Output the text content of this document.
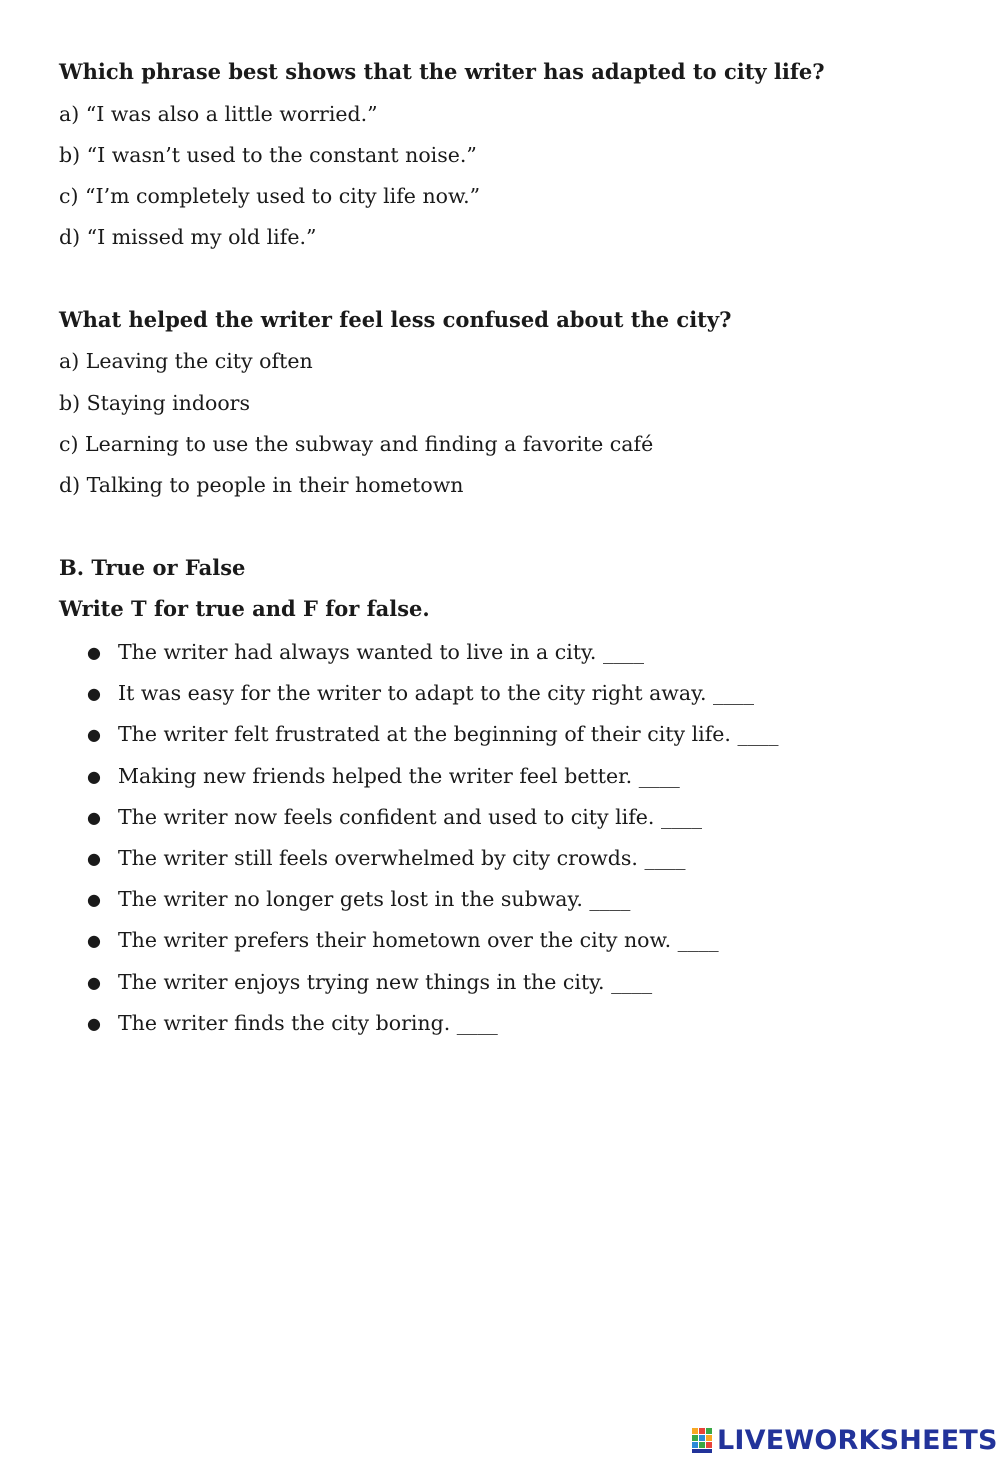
Which phrase best shows that the writer has adapted to city life?
a) “I was also a little worried.”
b) “I wasn’t used to the constant noise.”
c) “I’m completely used to city life now.”
d) “I missed my old life.”
What helped the writer feel less confused about the city?
a) Leaving the city often
b) Staying indoors
c) Learning to use the subway and finding a favorite café
d) Talking to people in their hometown
B. True or False
Write T for true and F for false.
● The writer had always wanted to live in a city. ____
● It was easy for the writer to adapt to the city right away. ____
● The writer felt frustrated at the beginning of their city life. ____
● Making new friends helped the writer feel better. ____
● The writer now feels confident and used to city life. ____
● The writer still feels overwhelmed by city crowds. ____
● The writer no longer gets lost in the subway. ____
● The writer prefers their hometown over the city now. ____
● The writer enjoys trying new things in the city. ____
● The writer finds the city boring. ____
LIVEWORKSHEETS
